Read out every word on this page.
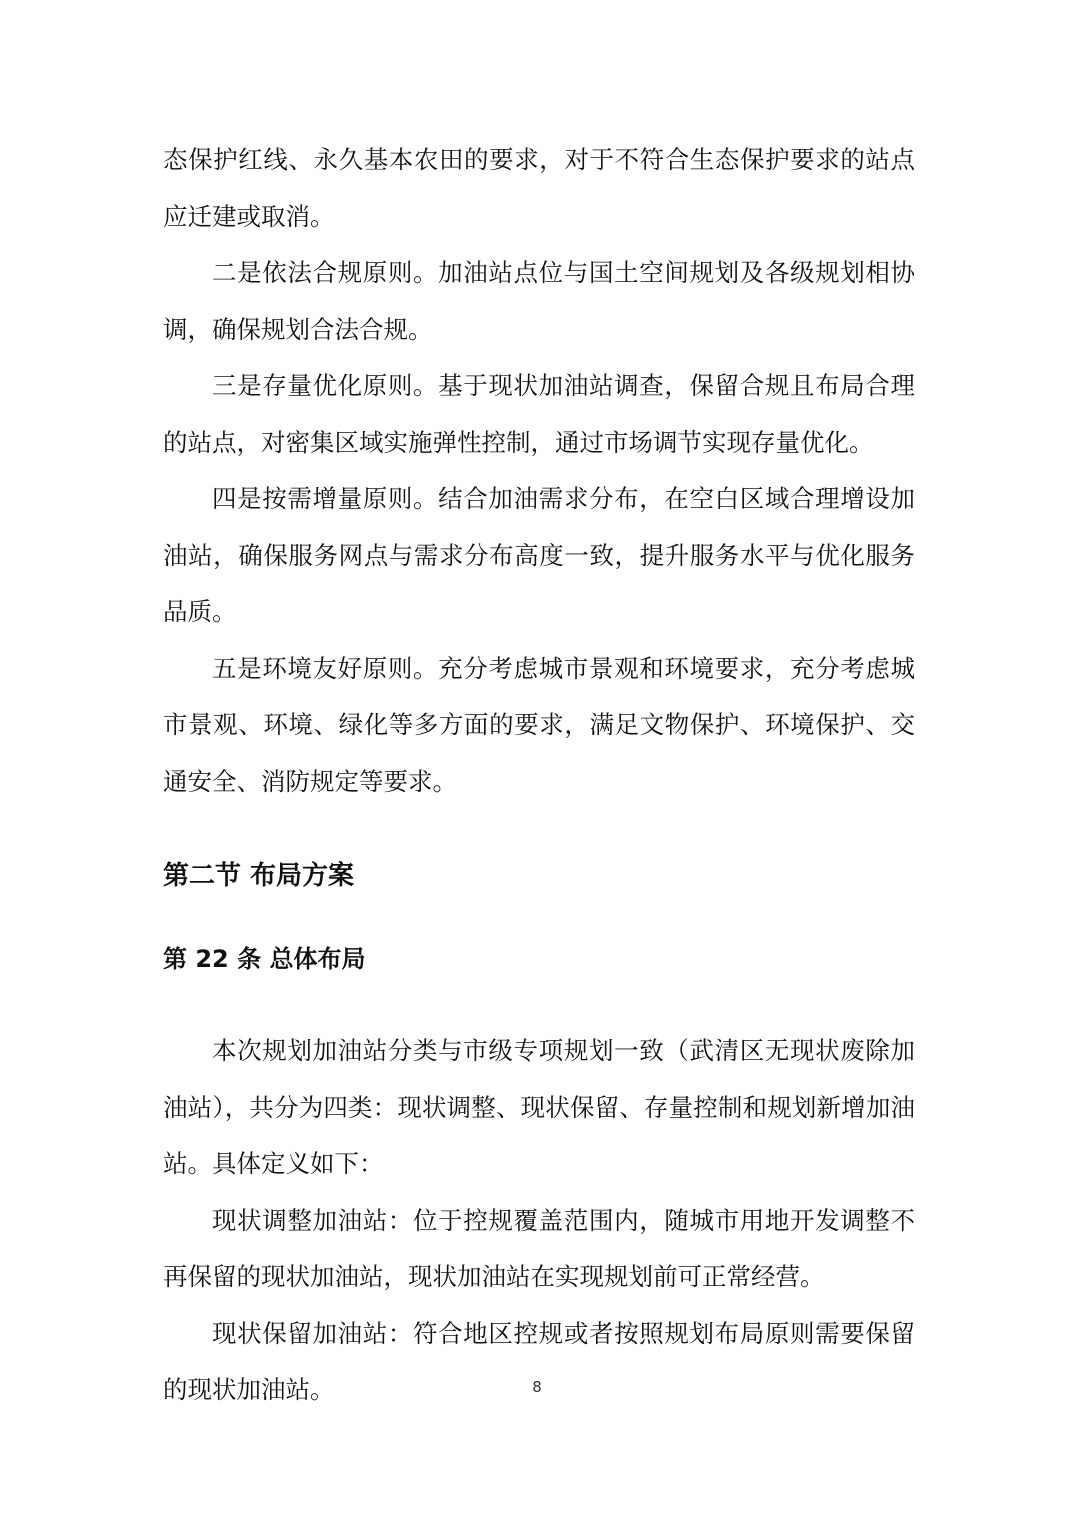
态保护红线、永久基本农田的要求，对于不符合生态保护要求的站点应迁建或取消。

二是依法合规原则。加油站点位与国土空间规划及各级规划相协调，确保规划合法合规。

三是存量优化原则。基于现状加油站调查，保留合规且布局合理的站点，对密集区域实施弹性控制，通过市场调节实现存量优化。

四是按需增量原则。结合加油需求分布，在空白区域合理增设加油站，确保服务网点与需求分布高度一致，提升服务水平与优化服务品质。

五是环境友好原则。充分考虑城市景观和环境要求，充分考虑城市景观、环境、绿化等多方面的要求，满足文物保护、环境保护、交通安全、消防规定等要求。

第二节 布局方案
第 22 条 总体布局

本次规划加油站分类与市级专项规划一致（武清区无现状废除加油站），共分为四类：现状调整、现状保留、存量控制和规划新增加油站。具体定义如下：

现状调整加油站：位于控规覆盖范围内，随城市用地开发调整不再保留的现状加油站，现状加油站在实现规划前可正常经营。

现状保留加油站：符合地区控规或者按照规划布局原则需要保留的现状加油站。	8
